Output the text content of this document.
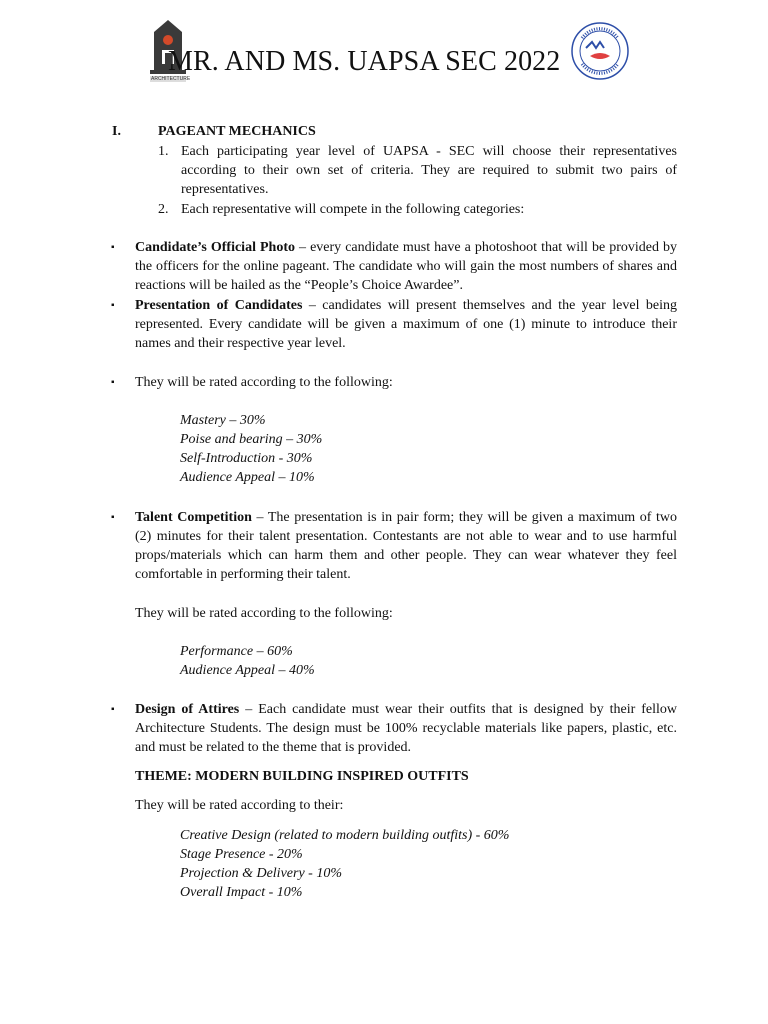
ARCHITECTURE
MR. AND MS. UAPSA SEC 2022
I.	PAGEANT MECHANICS
1. Each participating year level of UAPSA - SEC will choose their representatives according to their own set of criteria. They are required to submit two pairs of representatives.
2. Each representative will compete in the following categories:
▪	Candidate’s Official Photo – every candidate must have a photoshoot that will be provided by the officers for the online pageant. The candidate who will gain the most numbers of shares and reactions will be hailed as the “People’s Choice Awardee”.
▪	Presentation of Candidates – candidates will present themselves and the year level being represented. Every candidate will be given a maximum of one (1) minute to introduce their names and their respective year level.
▪	They will be rated according to the following:
Mastery – 30%
Poise and bearing – 30%
Self-Introduction - 30%
Audience Appeal – 10%
▪	Talent Competition – The presentation is in pair form; they will be given a maximum of two (2) minutes for their talent presentation. Contestants are not able to wear and to use harmful props/materials which can harm them and other people. They can wear whatever they feel comfortable in performing their talent.
They will be rated according to the following:
Performance – 60%
Audience Appeal – 40%
▪	Design of Attires – Each candidate must wear their outfits that is designed by their fellow Architecture Students. The design must be 100% recyclable materials like papers, plastic, etc. and must be related to the theme that is provided.
THEME: MODERN BUILDING INSPIRED OUTFITS
They will be rated according to their:
Creative Design (related to modern building outfits) - 60%
Stage Presence - 20%
Projection & Delivery - 10%
Overall Impact - 10%
